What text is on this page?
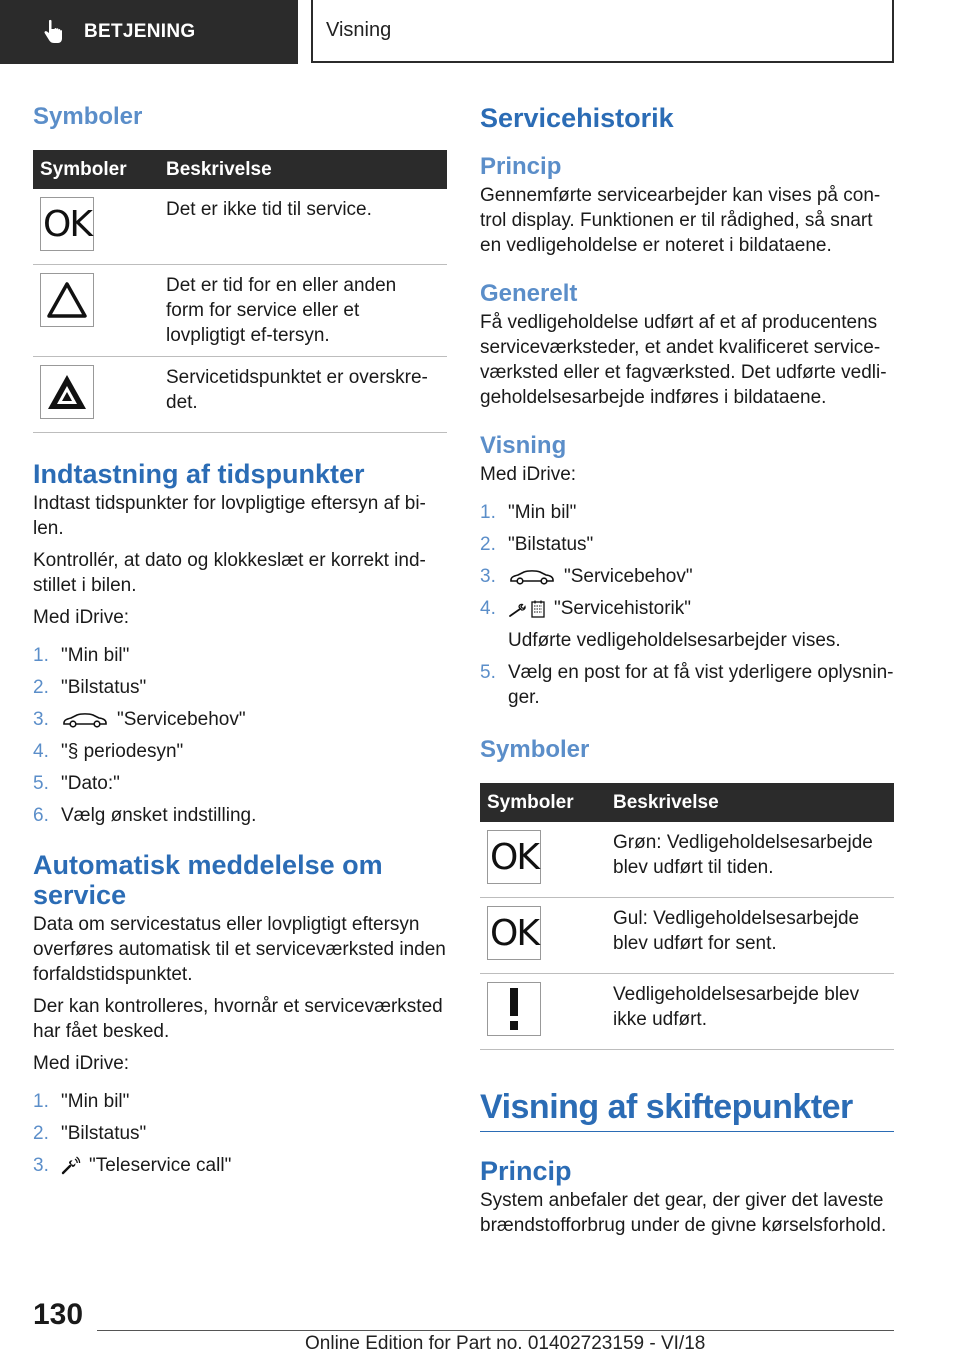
BETJENING	Visning
Symboler
Symboler	Beskrivelse

OK	Det er ikke tid til service.

	Det er tid for en eller anden form for service eller et lovpligtigt ef-tersyn.

	Servicetidspunktet er overskre-det.
Indtastning af tidspunkter

Indtast tidspunkter for lovpligtige eftersyn af bi-len.

Kontrollér, at dato og klokkeslæt er korrekt ind-stillet i bilen.

Med iDrive:

1. "Min bil"
2. "Bilstatus"
3.	"Servicebehov"
4. "§ periodesyn"
5. "Dato:"
6. Vælg ønsket indstilling.
Automatisk meddelelse om
service

Data om servicestatus eller lovpligtigt eftersyn overføres automatisk til et serviceværksted inden forfaldstidspunktet.

Der kan kontrolleres, hvornår et serviceværksted har fået besked.

Med iDrive:

1. "Min bil"
2. "Bilstatus"
3.	"Teleservice call"
Servicehistorik
Princip

Gennemførte servicearbejder kan vises på con-trol display. Funktionen er til rådighed, så snart en vedligeholdelse er noteret i bildataene.

Generelt

Få vedligeholdelse udført af et af producentens serviceværksteder, et andet kvalificeret service-værksted eller et fagværksted. Det udførte vedli-geholdelsesarbejde indføres i bildataene.

Visning

Med iDrive:

1. "Min bil"
2. "Bilstatus"
3.	"Servicebehov"
4.	"Servicehistorik"
Udførte vedligeholdelsesarbejder vises.
5. Vælg en post for at få vist yderligere oplysnin-ger.
Symboler
Symboler	Beskrivelse

OK	Grøn: Vedligeholdelsesarbejde blev udført til tiden.

OK	Gul: Vedligeholdelsesarbejde blev udført for sent.

	Vedligeholdelsesarbejde blev ikke udført.
Visning af skiftepunkter
Princip

System anbefaler det gear, der giver det laveste brændstofforbrug under de givne kørselsforhold.

130
Online Edition for Part no. 01402723159 - VI/18
